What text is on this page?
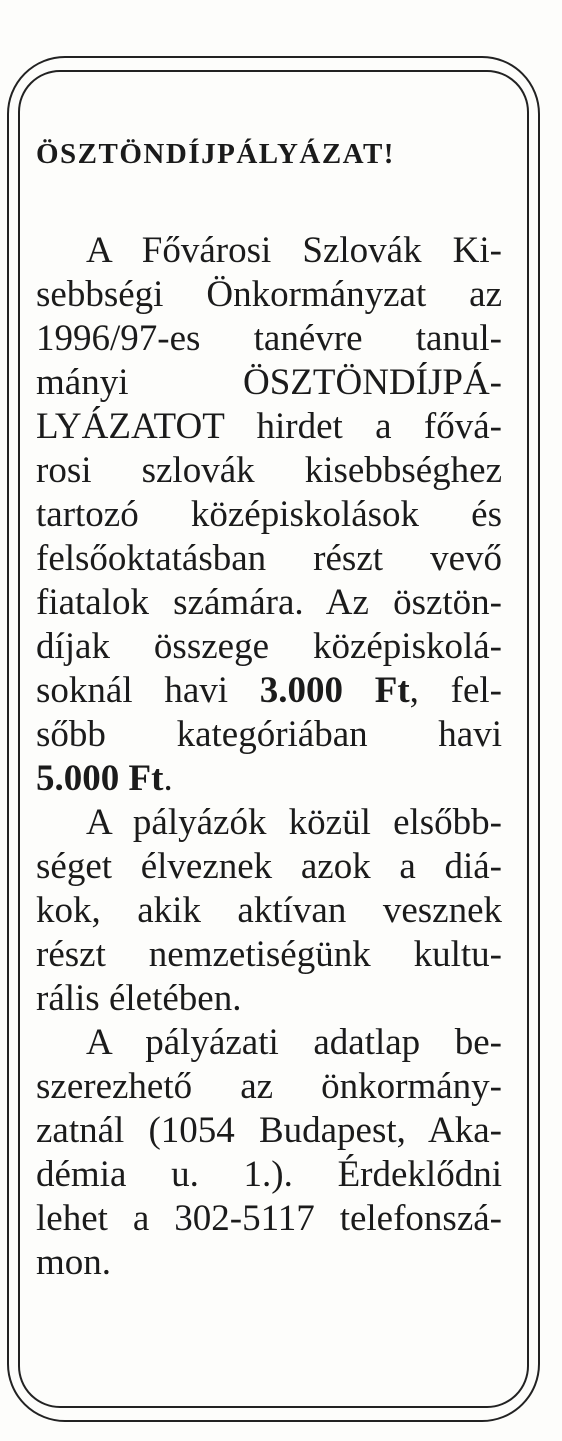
ÖSZTÖNDÍJPÁLYÁZAT!
A Fővárosi Szlovák Ki-
sebbségi Önkormányzat az
1996/97-es tanévre tanul-
mányi ÖSZTÖNDÍJPÁ-
LYÁZATOT hirdet a fővá-
rosi szlovák kisebbséghez
tartozó középiskolások és
felsőoktatásban részt vevő
fiatalok számára. Az ösztön-
díjak összege középiskolá-
soknál havi 3.000 Ft, fel-
sőbb kategóriában havi
5.000 Ft.
A pályázók közül elsőbb-
séget élveznek azok a diá-
kok, akik aktívan vesznek
részt nemzetiségünk kultu-
rális életében.
A pályázati adatlap be-
szerezhető az önkormány-
zatnál (1054 Budapest, Aka-
démia u. 1.). Érdeklődni
lehet a 302-5117 telefonszá-
mon.
